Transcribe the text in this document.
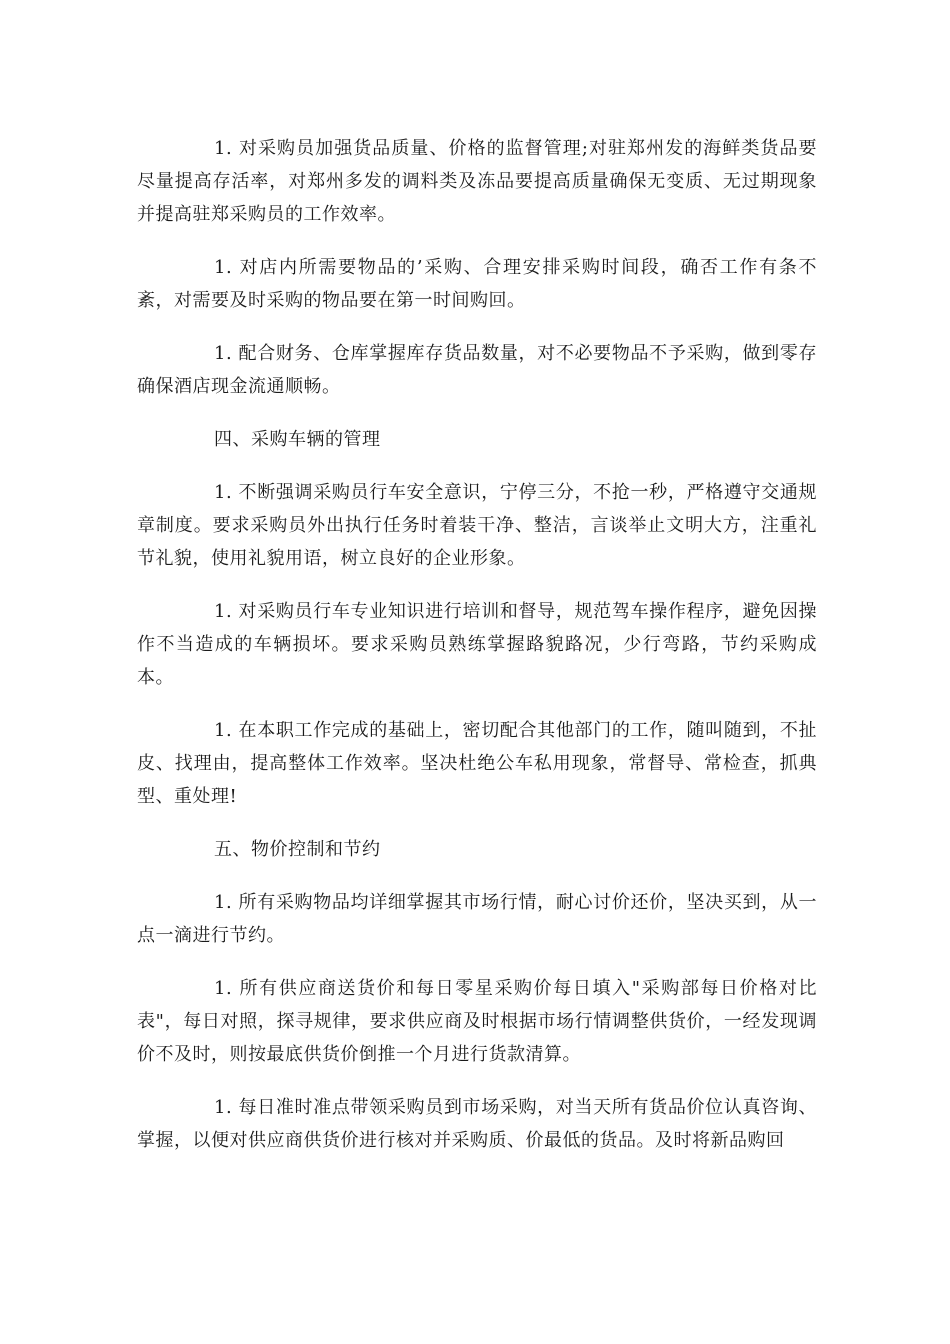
1. 对采购员加强货品质量、价格的监督管理;对驻郑州发的海鲜类货品要尽量提高存活率，对郑州多发的调料类及冻品要提高质量确保无变质、无过期现象并提高驻郑采购员的工作效率。

1. 对店内所需要物品的’采购、合理安排采购时间段，确否工作有条不紊，对需要及时采购的物品要在第一时间购回。

1. 配合财务、仓库掌握库存货品数量，对不必要物品不予采购，做到零存确保酒店现金流通顺畅。

四、采购车辆的管理

1. 不断强调采购员行车安全意识，宁停三分，不抢一秒，严格遵守交通规章制度。要求采购员外出执行任务时着装干净、整洁，言谈举止文明大方，注重礼节礼貌，使用礼貌用语，树立良好的企业形象。

1. 对采购员行车专业知识进行培训和督导，规范驾车操作程序，避免因操作不当造成的车辆损坏。要求采购员熟练掌握路貌路况，少行弯路，节约采购成本。

1. 在本职工作完成的基础上，密切配合其他部门的工作，随叫随到，不扯皮、找理由，提高整体工作效率。坚决杜绝公车私用现象，常督导、常检查，抓典型、重处理!

五、物价控制和节约

1. 所有采购物品均详细掌握其市场行情，耐心讨价还价，坚决买到，从一点一滴进行节约。

1. 所有供应商送货价和每日零星采购价每日填入"采购部每日价格对比表"，每日对照，探寻规律，要求供应商及时根据市场行情调整供货价，一经发现调价不及时，则按最底供货价倒推一个月进行货款清算。

1. 每日准时准点带领采购员到市场采购，对当天所有货品价位认真咨询、掌握，以便对供应商供货价进行核对并采购质、价最低的货品。及时将新品购回
